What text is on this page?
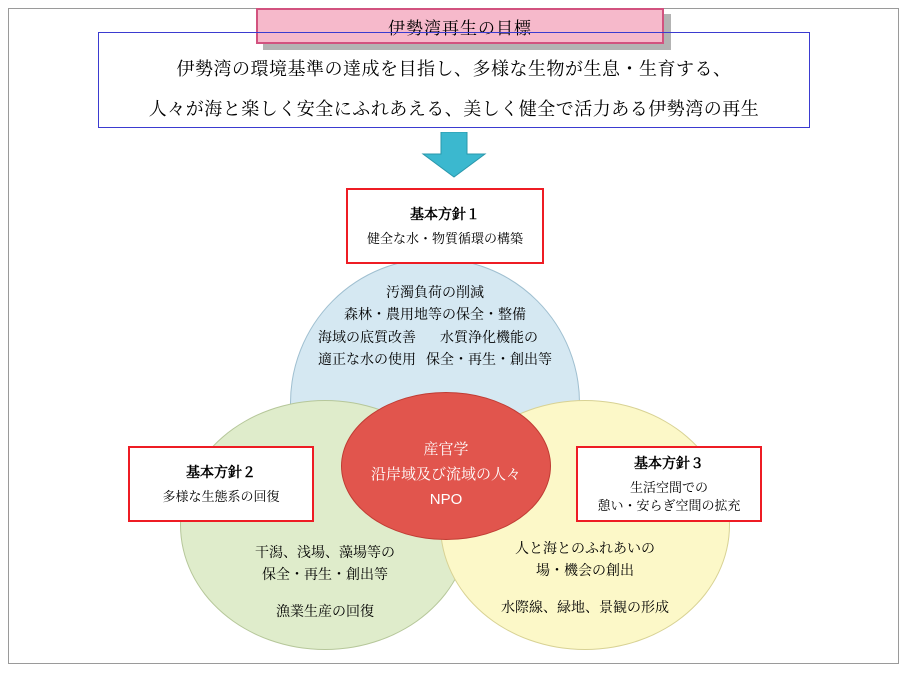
伊勢湾再生の目標
伊勢湾の環境基準の達成を目指し、多様な生物が生息・生育する、
人々が海と楽しく安全にふれあえる、美しく健全で活力ある伊勢湾の再生
汚濁負荷の削減
森林・農用地等の保全・整備
海域の底質改善
適正な水の使用
水質浄化機能の
保全・再生・創出等
干潟、浅場、藻場等の
保全・再生・創出等
漁業生産の回復
人と海とのふれあいの
場・機会の創出
水際線、緑地、景観の形成
産官学
沿岸域及び流域の人々
NPO
基本方針１
健全な水・物質循環の構築
基本方針２
多様な生態系の回復
基本方針３
生活空間での
憩い・安らぎ空間の拡充
